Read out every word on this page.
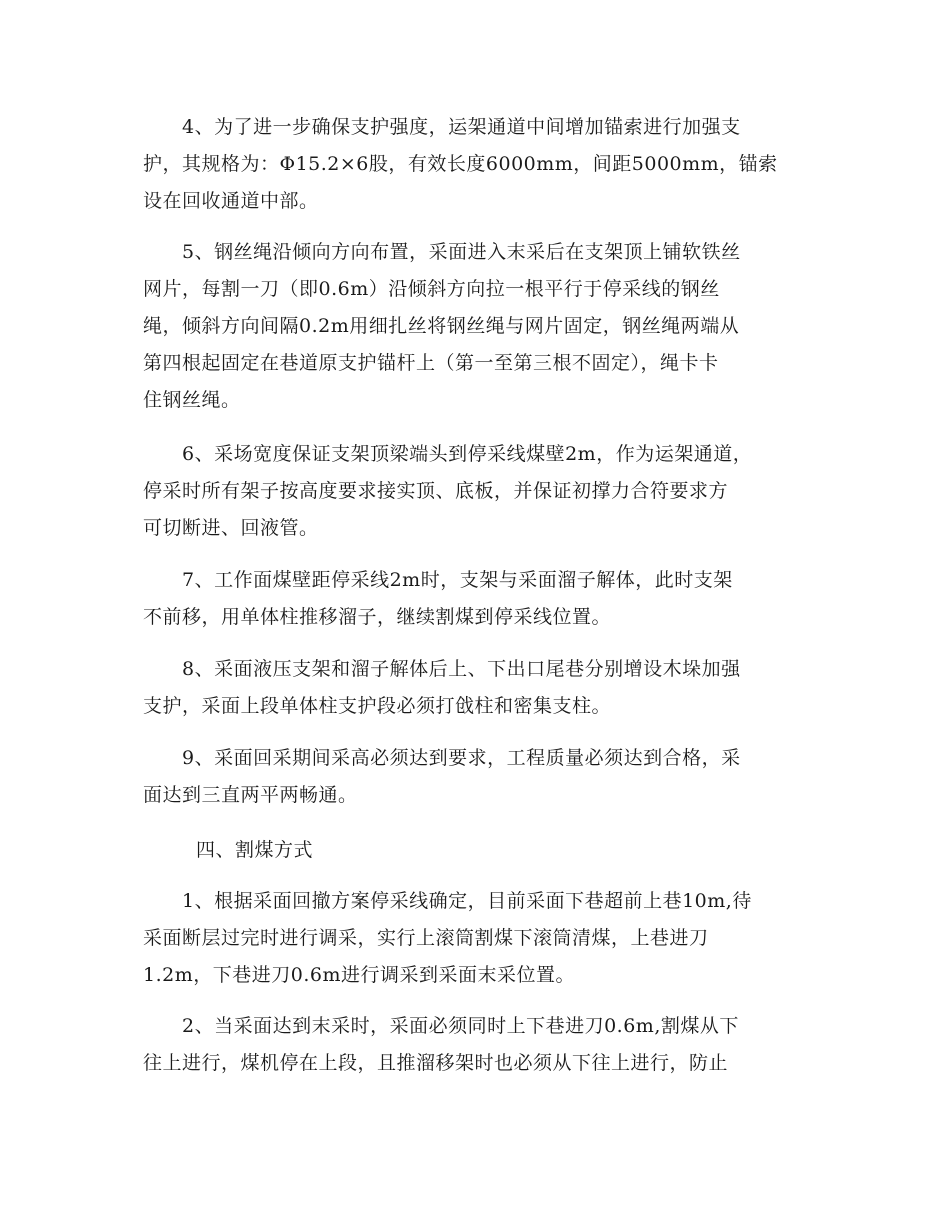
　　4、为了进一步确保支护强度，运架通道中间增加锚索进行加强支
护，其规格为：Φ15.2×6股，有效长度6000mm，间距5000mm，锚索
设在回收通道中部。
　　5、钢丝绳沿倾向方向布置，采面进入末采后在支架顶上铺软铁丝
网片，每割一刀（即0.6m）沿倾斜方向拉一根平行于停采线的钢丝
绳，倾斜方向间隔0.2m用细扎丝将钢丝绳与网片固定，钢丝绳两端从
第四根起固定在巷道原支护锚杆上（第一至第三根不固定），绳卡卡
住钢丝绳。
　　6、采场宽度保证支架顶梁端头到停采线煤壁2m，作为运架通道，
停采时所有架子按高度要求接实顶、底板，并保证初撑力合符要求方
可切断进、回液管。
　　7、工作面煤壁距停采线2m时，支架与采面溜子解体，此时支架
不前移，用单体柱推移溜子，继续割煤到停采线位置。
　　8、采面液压支架和溜子解体后上、下出口尾巷分别增设木垛加强
支护，采面上段单体柱支护段必须打戗柱和密集支柱。
　　9、采面回采期间采高必须达到要求，工程质量必须达到合格，采
面达到三直两平两畅通。
四、割煤方式
　　1、根据采面回撤方案停采线确定，目前采面下巷超前上巷10m,待
采面断层过完时进行调采，实行上滚筒割煤下滚筒清煤，上巷进刀
1.2m，下巷进刀0.6m进行调采到采面末采位置。
　　2、当采面达到末采时，采面必须同时上下巷进刀0.6m,割煤从下
往上进行，煤机停在上段，且推溜移架时也必须从下往上进行，防止
